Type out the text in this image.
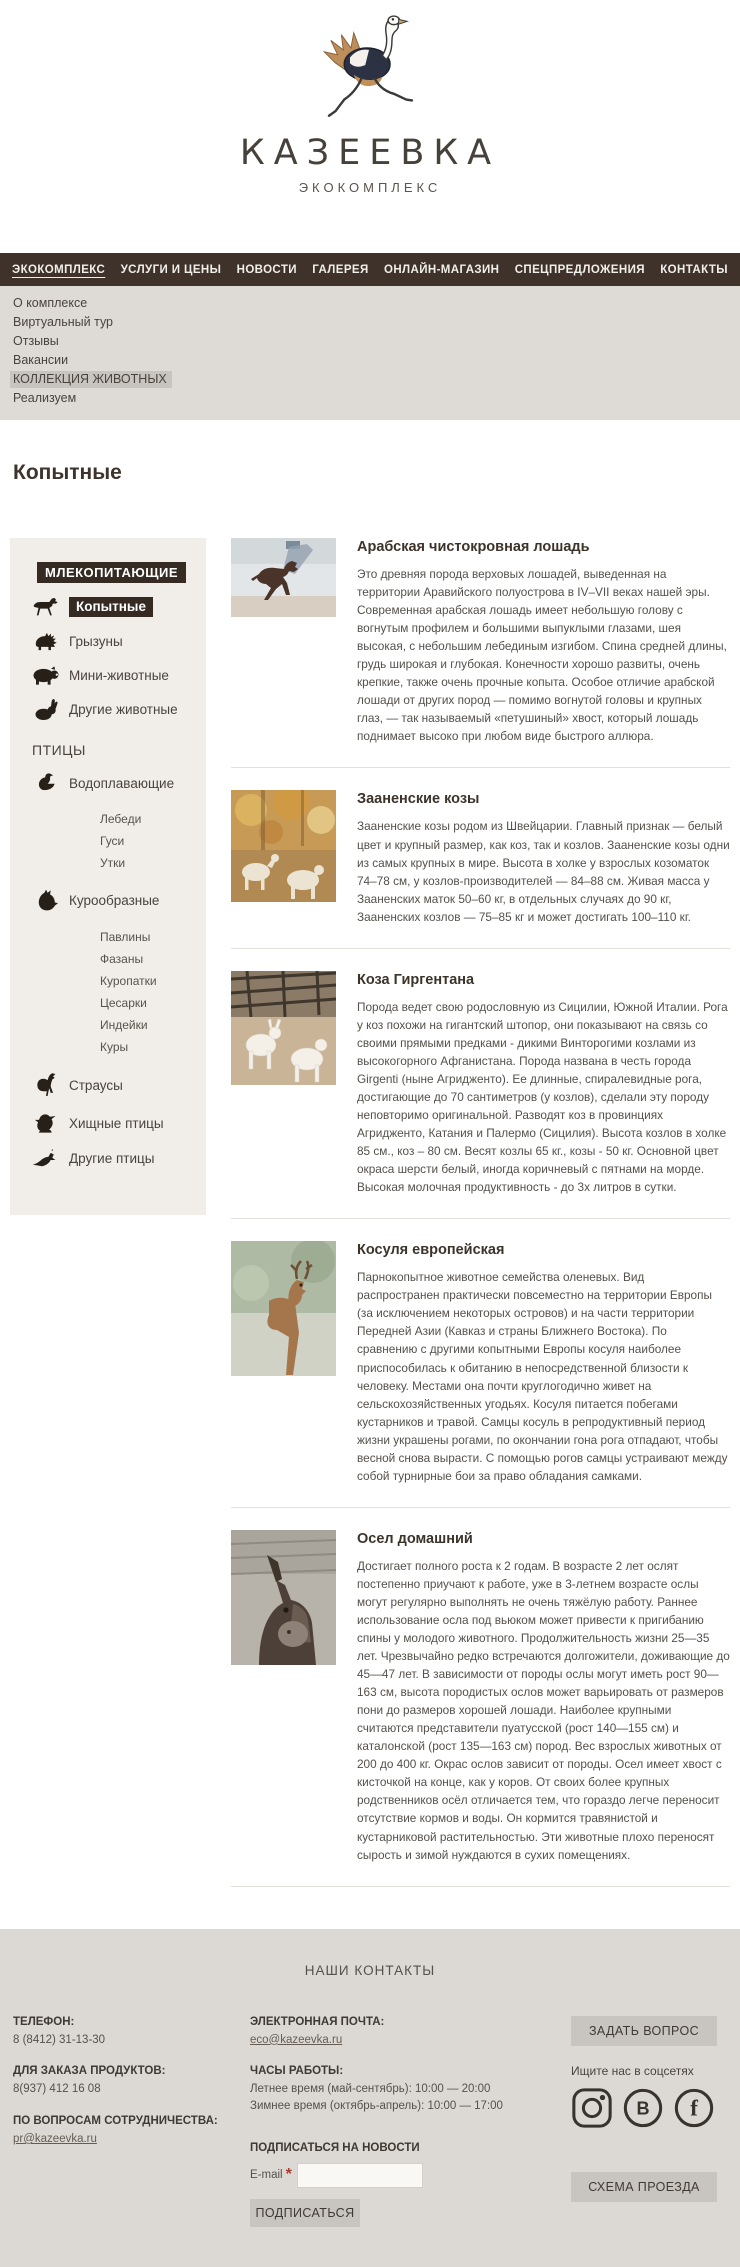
КАЗЕЕВКА
ЭКОКОМПЛЕКС
ЭКОКОМПЛЕКС УСЛУГИ И ЦЕНЫ НОВОСТИ ГАЛЕРЕЯ ОНЛАЙН-МАГАЗИН СПЕЦПРЕДЛОЖЕНИЯ КОНТАКТЫ
О комплексе
Виртуальный тур
Отзывы
Вакансии
КОЛЛЕКЦИЯ ЖИВОТНЫХ
Реализуем
Копытные
МЛЕКОПИТАЮЩИЕ
Копытные
Грызуны
Мини-животные
Другие животные
ПТИЦЫ
Водоплавающие
Лебеди
Гуси
Утки
Курообразные
Павлины
Фазаны
Куропатки
Цесарки
Индейки
Куры
Страусы
Хищные птицы
Другие птицы
Арабская чистокровная лошадь
Это древняя порода верховых лошадей, выведенная на территории Аравийского полуострова в IV–VII веках нашей эры. Современная арабская лошадь имеет небольшую голову с вогнутым профилем и большими выпуклыми глазами, шея высокая, с небольшим лебединым изгибом. Спина средней длины, грудь широкая и глубокая. Конечности хорошо развиты, очень крепкие, также очень прочные копыта. Особое отличие арабской лошади от других пород — помимо вогнутой головы и крупных глаз, — так называемый «петушиный» хвост, который лошадь поднимает высоко при любом виде быстрого аллюра.
Зааненские козы
Зааненские козы родом из Швейцарии. Главный признак — белый цвет и крупный размер, как коз, так и козлов. Зааненские козы одни из самых крупных в мире. Высота в холке у взрослых козоматок 74–78 см, у козлов-производителей — 84–88 см. Живая масса у Зааненских маток 50–60 кг, в отдельных случаях до 90 кг, Зааненских козлов — 75–85 кг и может достигать 100–110 кг.
Коза Гиргентана
Порода ведет свою родословную из Сицилии, Южной Италии. Рога у коз похожи на гигантский штопор, они показывают на связь со своими прямыми предками - дикими Винторогими козлами из высокогорного Афганистана. Порода названа в честь города Girgenti (ныне Агридженто). Ее длинные, спиралевидные рога, достигающие до 70 сантиметров (у козлов), сделали эту породу неповторимо оригинальной. Разводят коз в провинциях Агридженто, Катания и Палермо (Сицилия). Высота козлов в холке 85 см., коз – 80 см. Весят козлы 65 кг., козы - 50 кг. Основной цвет окраса шерсти белый, иногда коричневый с пятнами на морде. Высокая молочная продуктивность - до 3х литров в сутки.
Косуля европейская
Парнокопытное животное семейства оленевых. Вид распространен практически повсеместно на территории Европы (за исключением некоторых островов) и на части территории Передней Азии (Кавказ и страны Ближнего Востока). По сравнению с другими копытными Европы косуля наиболее приспособилась к обитанию в непосредственной близости к человеку. Местами она почти круглогодично живет на сельскохозяйственных угодьях. Косуля питается побегами кустарников и травой. Самцы косуль в репродуктивный период жизни украшены рогами, по окончании гона рога отпадают, чтобы весной снова вырасти. С помощью рогов самцы устраивают между собой турнирные бои за право обладания самками.
Осел домашний
Достигает полного роста к 2 годам. В возрасте 2 лет ослят постепенно приучают к работе, уже в 3-летнем возрасте ослы могут регулярно выполнять не очень тяжёлую работу. Раннее использование осла под вьюком может привести к пригибанию спины у молодого животного. Продолжительность жизни 25—35 лет. Чрезвычайно редко встречаются долгожители, доживающие до 45—47 лет. В зависимости от породы ослы могут иметь рост 90—163 см, высота породистых ослов может варьировать от размеров пони до размеров хорошей лошади. Наиболее крупными считаются представители пуатусской (рост 140—155 см) и каталонской (рост 135—163 см) пород. Вес взрослых животных от 200 до 400 кг. Окрас ослов зависит от породы. Осел имеет хвост с кисточкой на конце, как у коров. От своих более крупных родственников осёл отличается тем, что гораздо легче переносит отсутствие кормов и воды. Он кормится травянистой и кустарниковой растительностью. Эти животные плохо переносят сырость и зимой нуждаются в сухих помещениях.
НАШИ КОНТАКТЫ
ТЕЛЕФОН:
8 (8412) 31-13-30
ДЛЯ ЗАКАЗА ПРОДУКТОВ:
8(937) 412 16 08
ПО ВОПРОСАМ СОТРУДНИЧЕСТВА:
pr@kazeevka.ru
ЭЛЕКТРОННАЯ ПОЧТА:
eco@kazeevka.ru
ЧАСЫ РАБОТЫ:
Летнее время (май-сентябрь): 10:00 — 20:00
Зимнее время (октябрь-апрель): 10:00 — 17:00
ПОДПИСАТЬСЯ НА НОВОСТИ
E-mail *
ПОДПИСАТЬСЯ
ЗАДАТЬ ВОПРОС
Ищите нас в соцсетях
В f
СХЕМА ПРОЕЗДА
